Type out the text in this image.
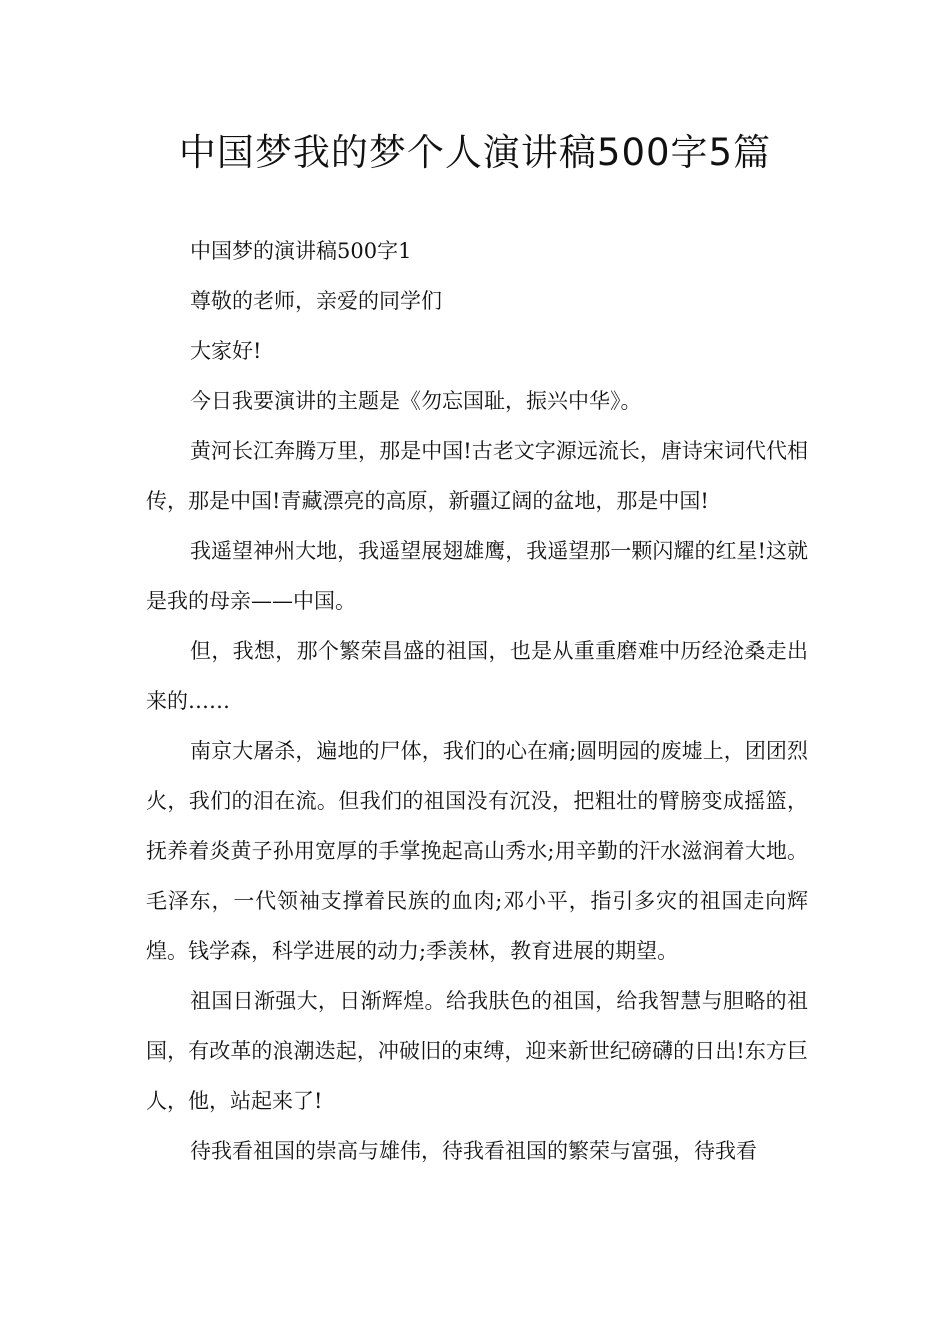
中国梦我的梦个人演讲稿500字5篇

中国梦的演讲稿500字1

尊敬的老师，亲爱的同学们

大家好!

今日我要演讲的主题是《勿忘国耻，振兴中华》。

黄河长江奔腾万里，那是中国!古老文字源远流长，唐诗宋词代代相传，那是中国!青藏漂亮的高原，新疆辽阔的盆地，那是中国!

我遥望神州大地，我遥望展翅雄鹰，我遥望那一颗闪耀的红星!这就是我的母亲——中国。

但，我想，那个繁荣昌盛的祖国，也是从重重磨难中历经沧桑走出来的……

南京大屠杀，遍地的尸体，我们的心在痛;圆明园的废墟上，团团烈火，我们的泪在流。但我们的祖国没有沉没，把粗壮的臂膀变成摇篮，抚养着炎黄子孙用宽厚的手掌挽起高山秀水;用辛勤的汗水滋润着大地。毛泽东，一代领袖支撑着民族的血肉;邓小平，指引多灾的祖国走向辉煌。钱学森，科学进展的动力;季羡林，教育进展的期望。

祖国日渐强大，日渐辉煌。给我肤色的祖国，给我智慧与胆略的祖国，有改革的浪潮迭起，冲破旧的束缚，迎来新世纪磅礴的日出!东方巨人，他，站起来了!

待我看祖国的崇高与雄伟，待我看祖国的繁荣与富强，待我看
